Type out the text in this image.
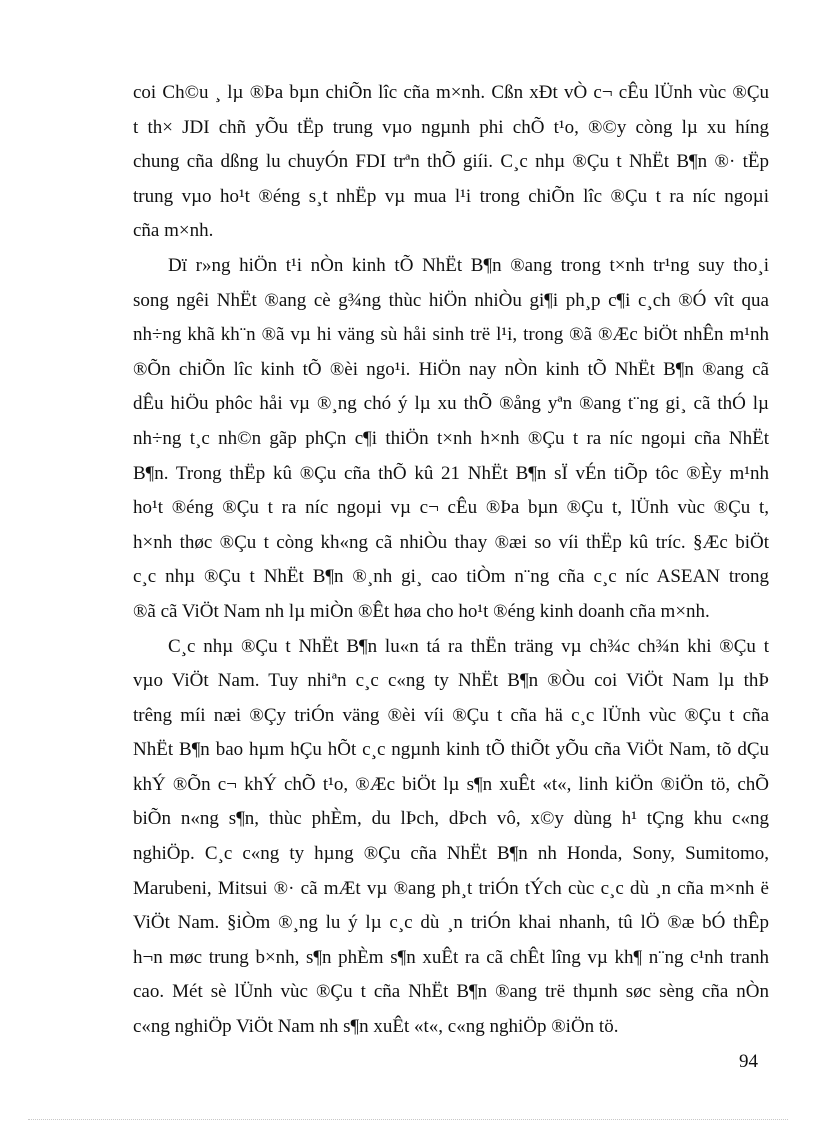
coi Ch©u ¸ lµ ®Þa bµn chiÕn lîc cña m×nh. Cßn xÐt vÒ c¬ cÊu lÜnh vùc ®Çu
t th× JDI chñ yÕu tËp trung vµo ngµnh phi chÕ t¹o, ®©y còng lµ xu híng
chung cña dßng lu chuyÓn FDI trªn thÕ giíi. C¸c nhµ ®Çu t NhËt B¶n ®· tËp
trung vµo ho¹t ®éng s¸t nhËp vµ mua l¹i trong chiÕn lîc ®Çu t ra níc ngoµi
cña m×nh.
Dï r»ng hiÖn t¹i nÒn kinh tÕ NhËt B¶n ®ang trong t×nh tr¹ng suy tho¸i
song ngêi NhËt ®ang cè g¾ng thùc hiÖn nhiÒu gi¶i ph¸p c¶i c¸ch ®Ó vît qua
nh÷ng khã kh¨n ®ã vµ hi väng sù håi sinh trë l¹i, trong ®ã ®Æc biÖt nhÊn m¹nh
®Õn chiÕn lîc kinh tÕ ®èi ngo¹i. HiÖn nay nÒn kinh tÕ NhËt B¶n ®ang cã
dÊu hiÖu phôc håi vµ ®¸ng chó ý lµ xu thÕ ®ång yªn ®ang t¨ng gi¸ cã thÓ lµ
nh÷ng t¸c nh©n gãp phÇn c¶i thiÖn t×nh h×nh ®Çu t ra níc ngoµi cña NhËt
B¶n. Trong thËp kû ®Çu cña thÕ kû 21 NhËt B¶n sÏ vÉn tiÕp tôc ®Èy m¹nh
ho¹t ®éng ®Çu t ra níc ngoµi vµ c¬ cÊu ®Þa bµn ®Çu t, lÜnh vùc ®Çu t,
h×nh thøc ®Çu t còng kh«ng cã nhiÒu thay ®æi so víi thËp kû tríc. §Æc biÖt
c¸c nhµ ®Çu t NhËt B¶n ®¸nh gi¸ cao tiÒm n¨ng cña c¸c níc ASEAN trong
®ã cã ViÖt Nam nh lµ miÒn ®Êt høa cho ho¹t ®éng kinh doanh cña m×nh.
C¸c nhµ ®Çu t NhËt B¶n lu«n tá ra thËn träng vµ ch¾c ch¾n khi ®Çu t
vµo ViÖt Nam. Tuy nhiªn c¸c c«ng ty NhËt B¶n ®Òu coi ViÖt Nam lµ thÞ
trêng míi næi ®Çy triÓn väng ®èi víi ®Çu t cña hä c¸c lÜnh vùc ®Çu t cña
NhËt B¶n bao hµm hÇu hÕt c¸c ngµnh kinh tÕ thiÕt yÕu cña ViÖt Nam, tõ dÇu
khÝ ®Õn c¬ khÝ chÕ t¹o, ®Æc biÖt lµ s¶n xuÊt «t«, linh kiÖn ®iÖn tö, chÕ
biÕn n«ng s¶n, thùc phÈm, du lÞch, dÞch vô, x©y dùng h¹ tÇng khu c«ng
nghiÖp. C¸c c«ng ty hµng ®Çu cña NhËt B¶n nh Honda, Sony, Sumitomo,
Marubeni, Mitsui ®· cã mÆt vµ ®ang ph¸t triÓn tÝch cùc c¸c dù ¸n cña m×nh ë
ViÖt Nam. §iÒm ®¸ng lu ý lµ c¸c dù ¸n triÓn khai nhanh, tû lÖ ®æ bÓ thÊp
h¬n møc trung b×nh, s¶n phÈm s¶n xuÊt ra cã chÊt lîng vµ kh¶ n¨ng c¹nh tranh
cao. Mét sè lÜnh vùc ®Çu t cña NhËt B¶n ®ang trë thµnh søc sèng cña nÒn
c«ng nghiÖp ViÖt Nam nh s¶n xuÊt «t«, c«ng nghiÖp ®iÖn tö.
94
